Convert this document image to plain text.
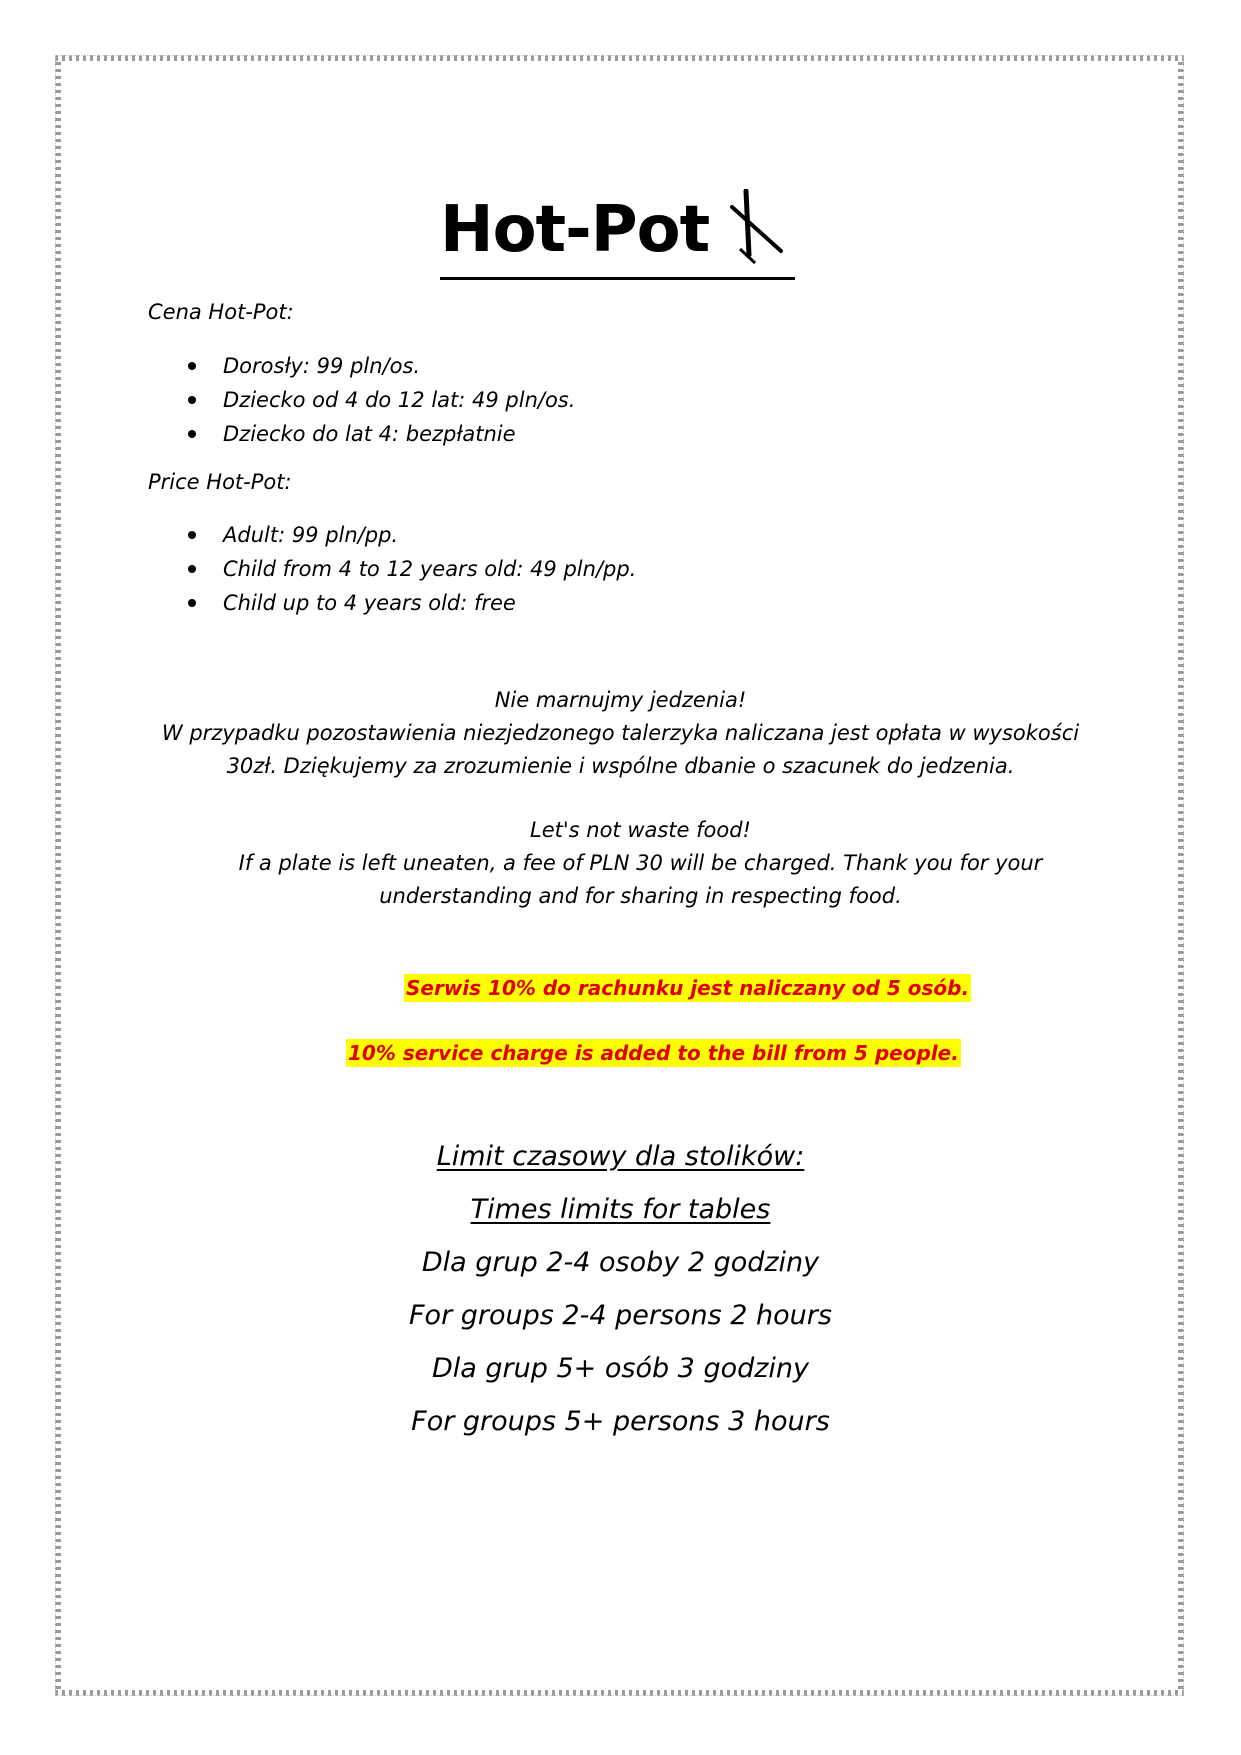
Hot-Pot
Cena Hot-Pot:
Dorosły: 99 pln/os.
Dziecko od 4 do 12 lat: 49 pln/os.
Dziecko do lat 4: bezpłatnie
Price Hot-Pot:
Adult: 99 pln/pp.
Child from 4 to 12 years old: 49 pln/pp.
Child up to 4 years old: free
Nie marnujmy jedzenia!
W przypadku pozostawienia niezjedzonego talerzyka naliczana jest opłata w wysokości
30zł. Dziękujemy za zrozumienie i wspólne dbanie o szacunek do jedzenia.
Let's not waste food!
If a plate is left uneaten, a fee of PLN 30 will be charged. Thank you for your
understanding and for sharing in respecting food.
Serwis 10% do rachunku jest naliczany od 5 osób.
10% service charge is added to the bill from 5 people.
Limit czasowy dla stolików:
Times limits for tables
Dla grup 2-4 osoby 2 godziny
For groups 2-4 persons 2 hours
Dla grup 5+ osób 3 godziny
For groups 5+ persons 3 hours
